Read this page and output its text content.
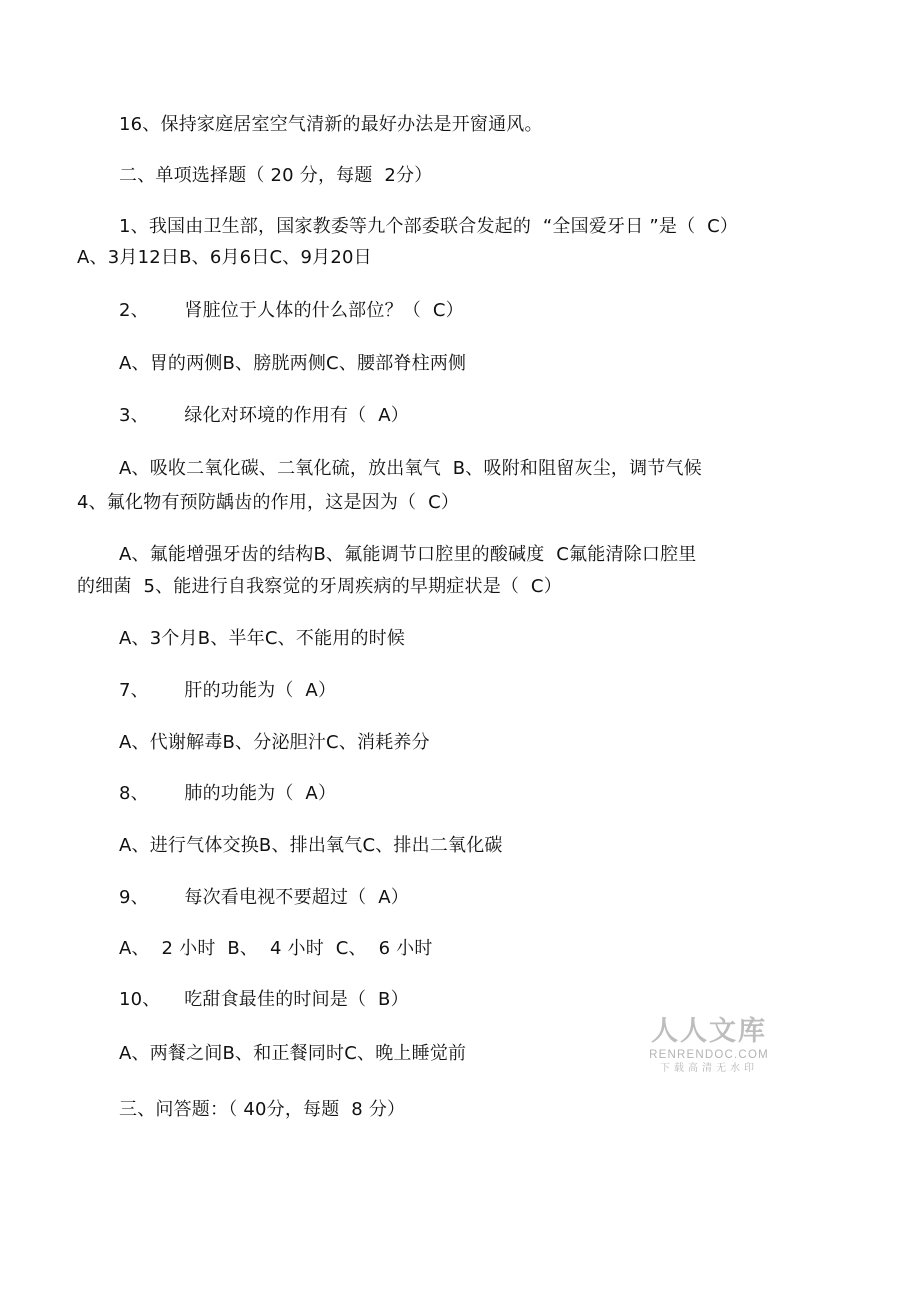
16、保持家庭居室空气清新的最好办法是开窗通风。
二、单项选择题（ 20 分，每题  2分）
1、我国由卫生部，国家教委等九个部委联合发起的  “全国爱牙日 ”是（  C）
A、3月12日B、6月6日C、9月20日
2、      肾脏位于人体的什么部位？（  C）
A、胃的两侧B、膀胱两侧C、腰部脊柱两侧
3、      绿化对环境的作用有（  A）
A、吸收二氧化碳、二氧化硫，放出氧气  B、吸附和阻留灰尘，调节气候
4、氟化物有预防龋齿的作用，这是因为（  C）
A、氟能增强牙齿的结构B、氟能调节口腔里的酸碱度  C氟能清除口腔里
的细菌  5、能进行自我察觉的牙周疾病的早期症状是（  C）
A、3个月B、半年C、不能用的时候
7、      肝的功能为（  A）
A、代谢解毒B、分泌胆汁C、消耗养分
8、      肺的功能为（  A）
A、进行气体交换B、排出氧气C、排出二氧化碳
9、      每次看电视不要超过（  A）
A、  2 小时  B、  4 小时  C、  6 小时
10、    吃甜食最佳的时间是（  B）
A、两餐之间B、和正餐同时C、晚上睡觉前
三、问答题：（ 40分，每题  8 分）
人人文库
RENRENDOC.COM
下载高清无水印
